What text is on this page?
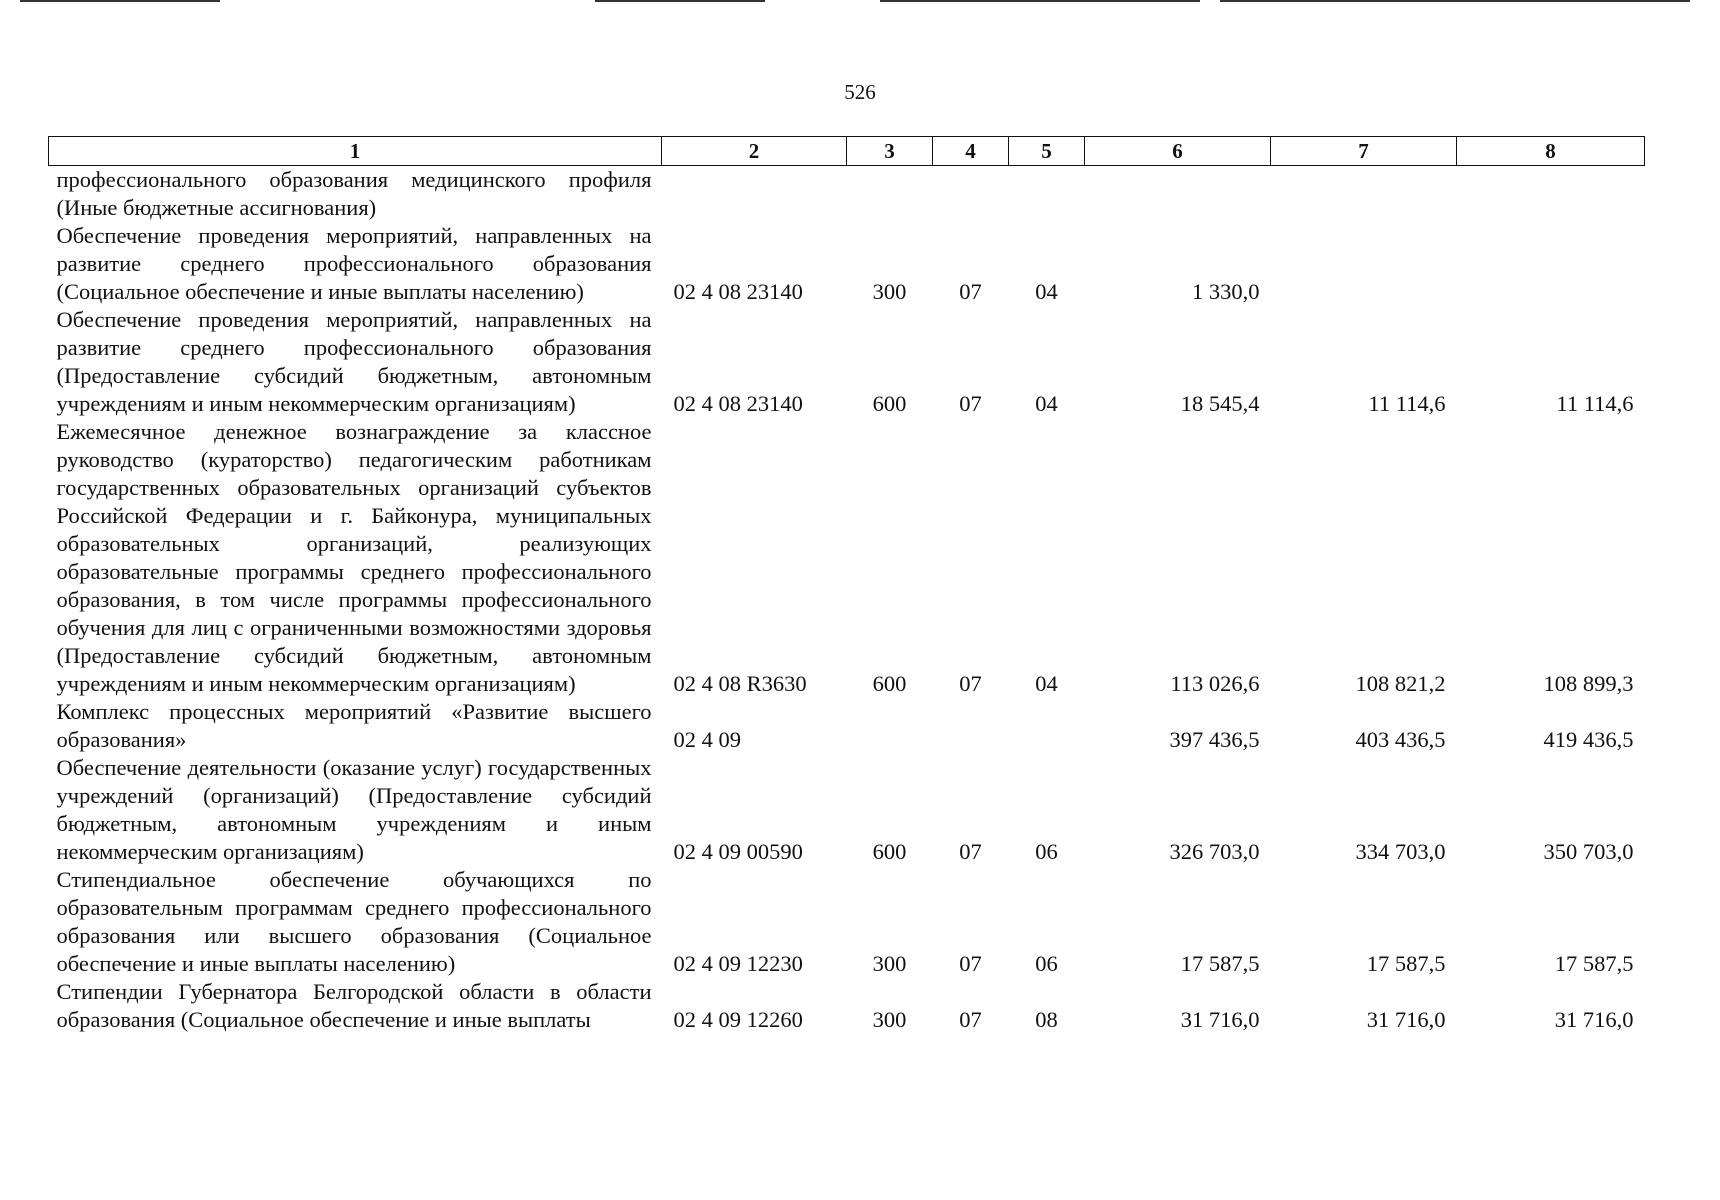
526
1	2	3	4	5	6	7	8
профессионального образования медицинского профиля (Иные бюджетные ассигнования)							
Обеспечение проведения мероприятий, направленных на развитие среднего профессионального образования (Социальное обеспечение и иные выплаты населению)	02 4 08 23140	300	07	04	1 330,0		
Обеспечение проведения мероприятий, направленных на развитие среднего профессионального образования (Предоставление субсидий бюджетным, автономным учреждениям и иным некоммерческим организациям)	02 4 08 23140	600	07	04	18 545,4	11 114,6	11 114,6
Ежемесячное денежное вознаграждение за классное руководство (кураторство) педагогическим работникам государственных образовательных организаций субъектов Российской Федерации и г. Байконура, муниципальных образовательных организаций, реализующих образовательные программы среднего профессионального образования, в том числе программы профессионального обучения для лиц с ограниченными возможностями здоровья (Предоставление субсидий бюджетным, автономным учреждениям и иным некоммерческим организациям)	02 4 08 R3630	600	07	04	113 026,6	108 821,2	108 899,3
Комплекс процессных мероприятий «Развитие высшего образования»	02 4 09				397 436,5	403 436,5	419 436,5
Обеспечение деятельности (оказание услуг) государственных учреждений (организаций) (Предоставление субсидий бюджетным, автономным учреждениям и иным некоммерческим организациям)	02 4 09 00590	600	07	06	326 703,0	334 703,0	350 703,0
Стипендиальное обеспечение обучающихся по образовательным программам среднего профессионального образования или высшего образования (Социальное обеспечение и иные выплаты населению)	02 4 09 12230	300	07	06	17 587,5	17 587,5	17 587,5
Стипендии Губернатора Белгородской области в области образования (Социальное обеспечение и иные выплаты	02 4 09 12260	300	07	08	31 716,0	31 716,0	31 716,0
